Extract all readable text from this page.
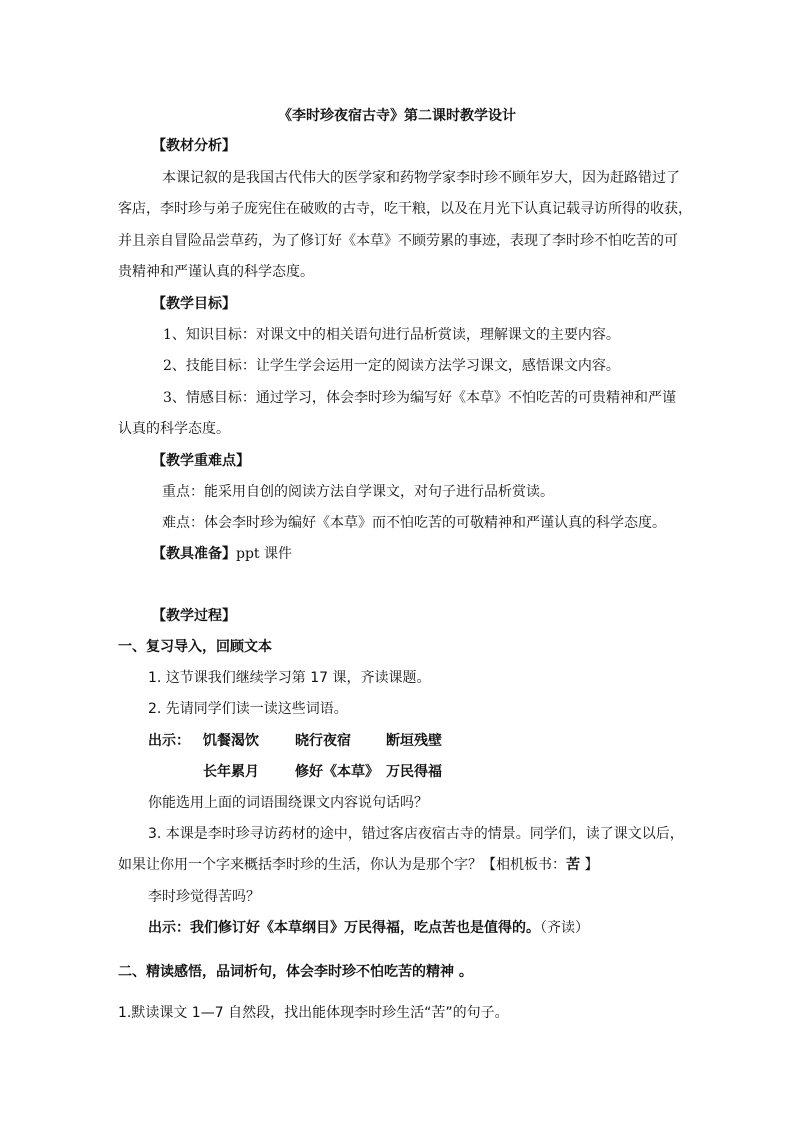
《李时珍夜宿古寺》第二课时教学设计
【教材分析】
本课记叙的是我国古代伟大的医学家和药物学家李时珍不顾年岁大，因为赶路错过了
客店，李时珍与弟子庞宪住在破败的古寺，吃干粮，以及在月光下认真记载寻访所得的收获，
并且亲自冒险品尝草药，为了修订好《本草》不顾劳累的事迹，表现了李时珍不怕吃苦的可
贵精神和严谨认真的科学态度。
【教学目标】
1、知识目标：对课文中的相关语句进行品析赏读，理解课文的主要内容。
2、技能目标：让学生学会运用一定的阅读方法学习课文，感悟课文内容。
3、情感目标：通过学习，体会李时珍为编写好《本草》不怕吃苦的可贵精神和严谨
认真的科学态度。
【教学重难点】
重点：能采用自创的阅读方法自学课文，对句子进行品析赏读。
难点：体会李时珍为编好《本草》而不怕吃苦的可敬精神和严谨认真的科学态度。
【教具准备】ppt 课件
【教学过程】
一、复习导入，回顾文本
1. 这节课我们继续学习第 17 课，齐读课题。
2. 先请同学们读一读这些词语。
出示： 饥餐渴饮	晓行夜宿	断垣残壁
长年累月	修好《本草》 万民得福
你能选用上面的词语围绕课文内容说句话吗？
3. 本课是李时珍寻访药材的途中，错过客店夜宿古寺的情景。同学们，读了课文以后，
如果让你用一个字来概括李时珍的生活，你认为是那个字？【相机板书：苦 】
李时珍觉得苦吗？
出示：我们修订好《本草纲目》万民得福，吃点苦也是值得的。（齐读）
二、精读感悟，品词析句，体会李时珍不怕吃苦的精神 。
1.默读课文 1—7 自然段，找出能体现李时珍生活“苦”的句子。
